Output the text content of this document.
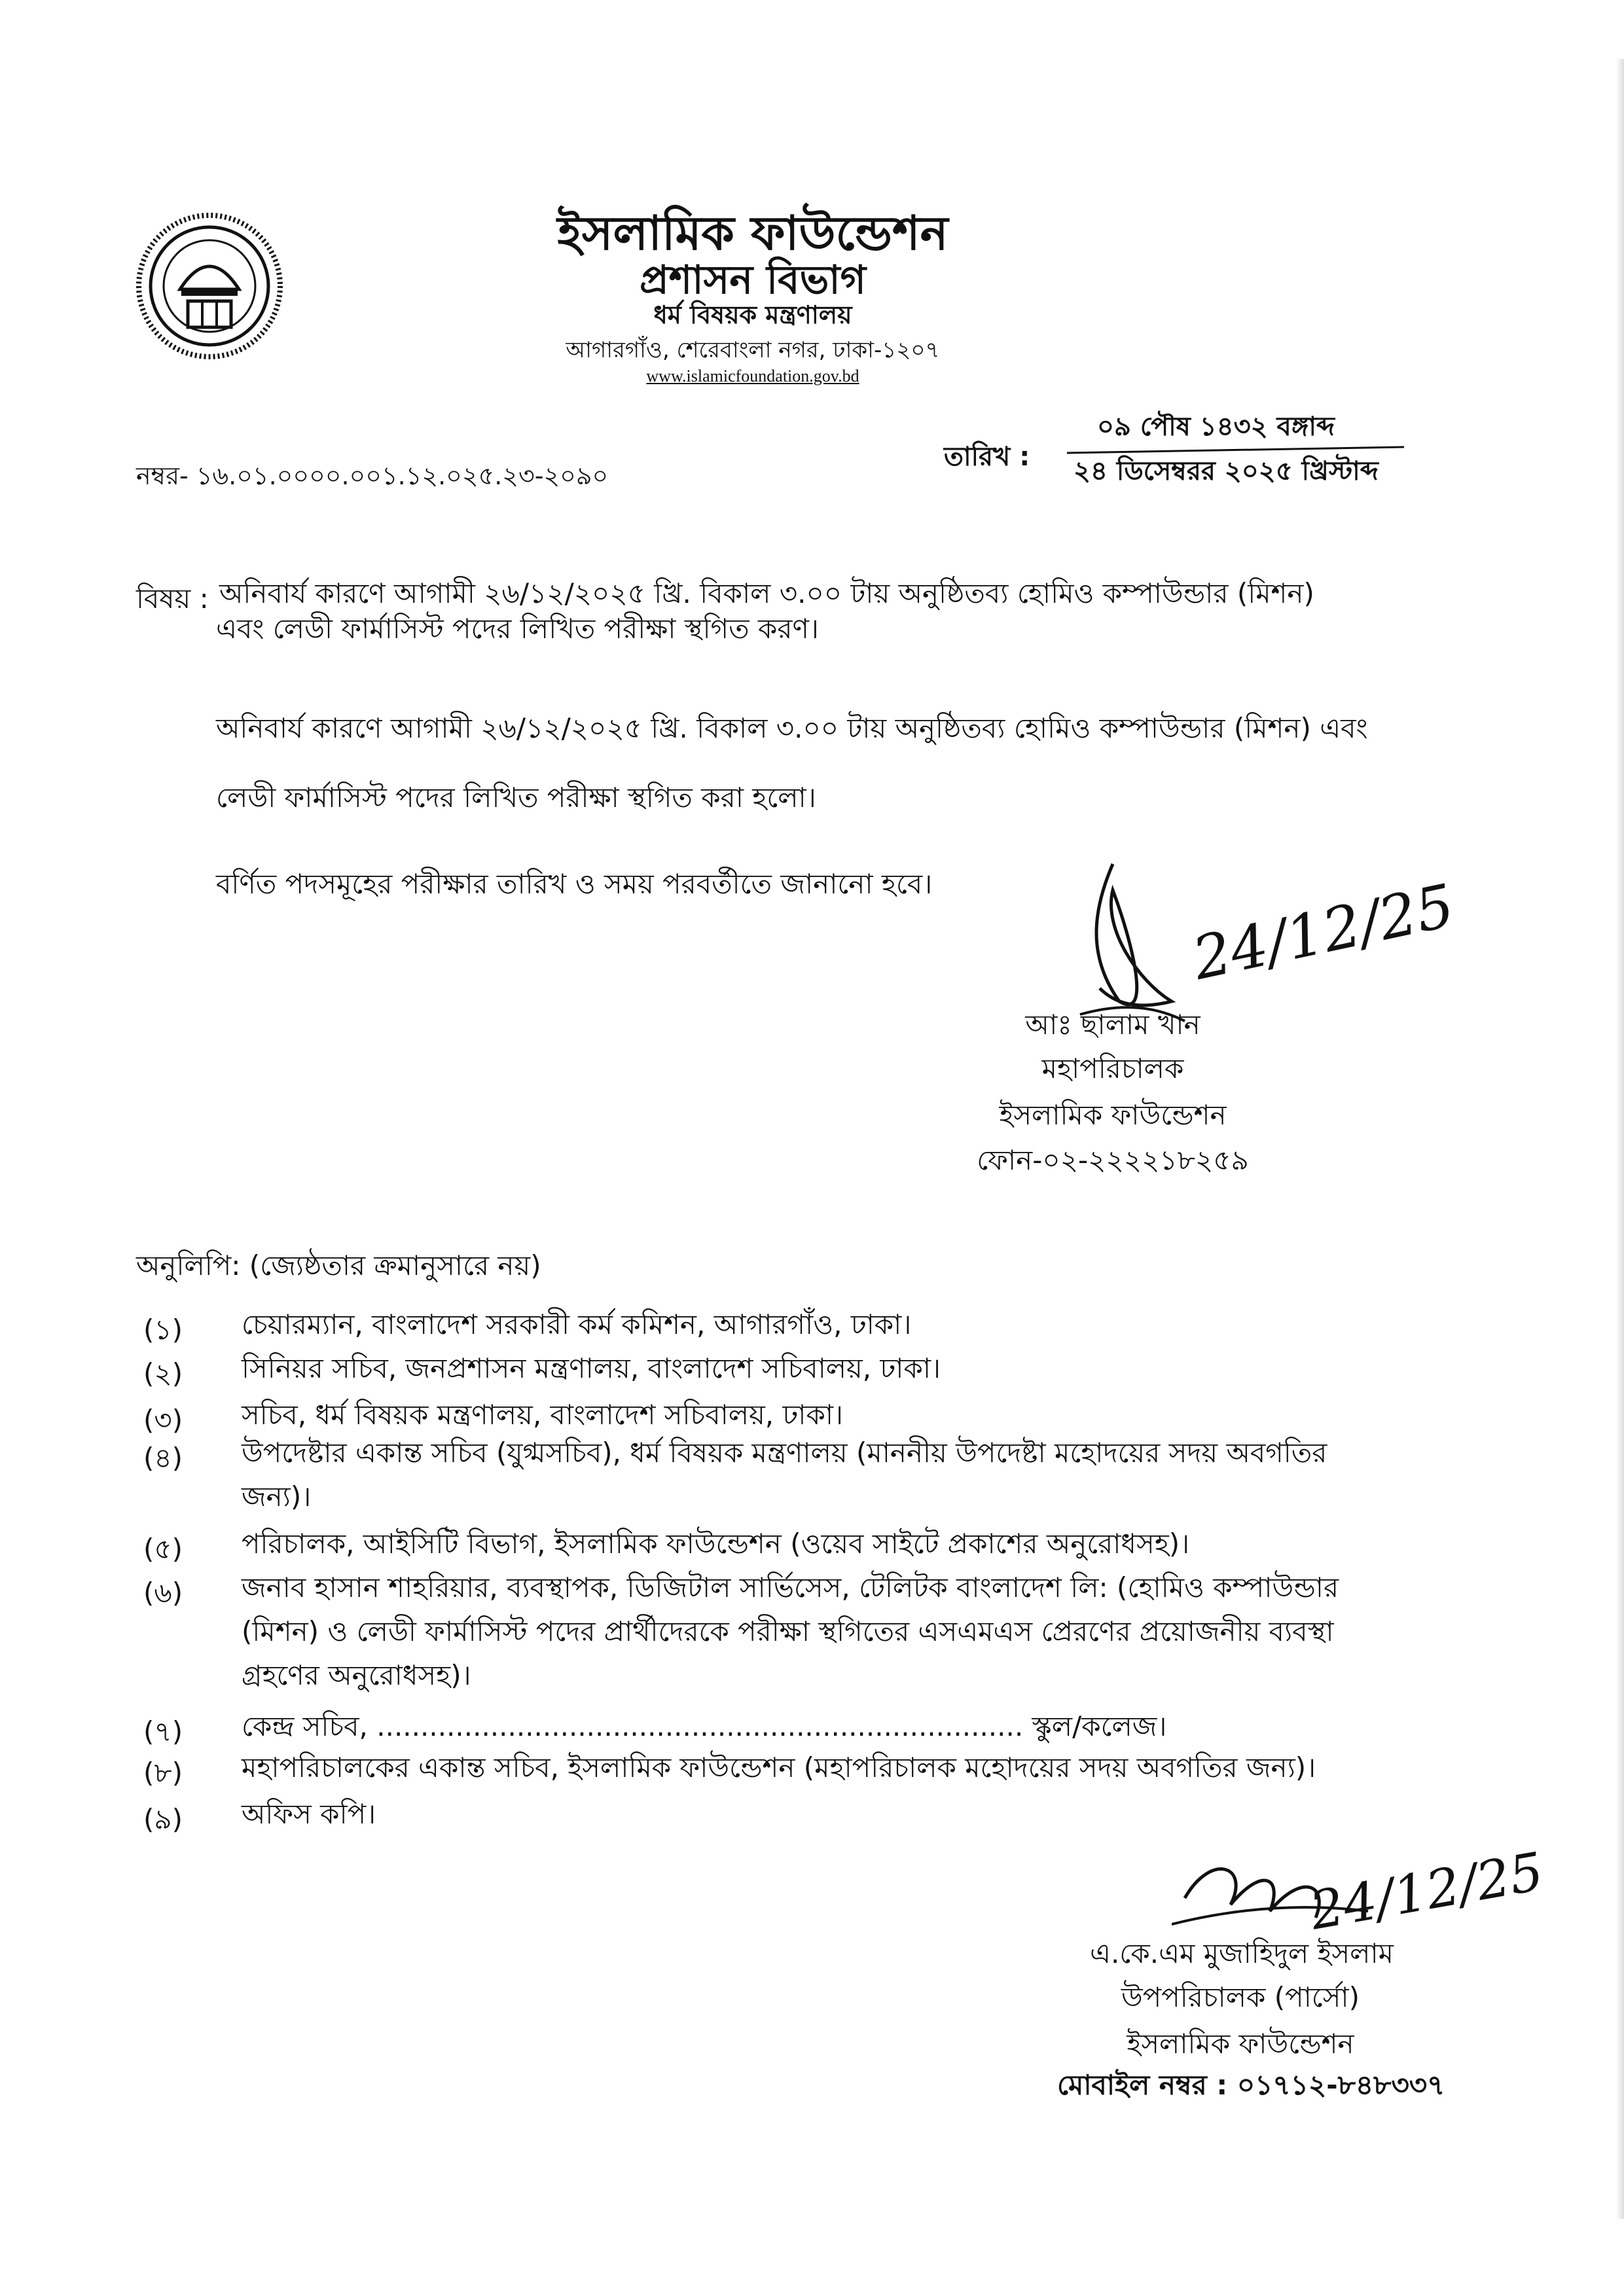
ইসলামিক ফাউন্ডেশন
প্রশাসন বিভাগ
ধর্ম বিষয়ক মন্ত্রণালয়
আগারগাঁও, শেরেবাংলা নগর, ঢাকা-১২০৭
www.islamicfoundation.gov.bd
০৯ পৌষ ১৪৩২ বঙ্গাব্দ
তারিখ : ২৪ ডিসেম্বরর ২০২৫ খ্রিস্টাব্দ
নম্বর- ১৬.০১.০০০০.০০১.১২.০২৫.২৩-২০৯০
বিষয় : অনিবার্য কারণে আগামী ২৬/১২/২০২৫ খ্রি. বিকাল ৩.০০ টায় অনুষ্ঠিতব্য হোমিও কম্পাউন্ডার (মিশন)
এবং লেডী ফার্মাসিস্ট পদের লিখিত পরীক্ষা স্থগিত করণ।
অনিবার্য কারণে আগামী ২৬/১২/২০২৫ খ্রি. বিকাল ৩.০০ টায় অনুষ্ঠিতব্য হোমিও কম্পাউন্ডার (মিশন) এবং
লেডী ফার্মাসিস্ট পদের লিখিত পরীক্ষা স্থগিত করা হলো।
বর্ণিত পদসমূহের পরীক্ষার তারিখ ও সময় পরবর্তীতে জানানো হবে।	24/12/25
আঃ ছালাম খান
মহাপরিচালক
ইসলামিক ফাউন্ডেশন
ফোন-০২-২২২২১৮২৫৯
অনুলিপি: (জ্যেষ্ঠতার ক্রমানুসারে নয়)
(১) চেয়ারম্যান, বাংলাদেশ সরকারী কর্ম কমিশন, আগারগাঁও, ঢাকা।
(২) সিনিয়র সচিব, জনপ্রশাসন মন্ত্রণালয়, বাংলাদেশ সচিবালয়, ঢাকা।
(৩) সচিব, ধর্ম বিষয়ক মন্ত্রণালয়, বাংলাদেশ সচিবালয়, ঢাকা।
(৪) উপদেষ্টার একান্ত সচিব (যুগ্মসচিব), ধর্ম বিষয়ক মন্ত্রণালয় (মাননীয় উপদেষ্টা মহোদয়ের সদয় অবগতির
জন্য)।
(৫) পরিচালক, আইসিটি বিভাগ, ইসলামিক ফাউন্ডেশন (ওয়েব সাইটে প্রকাশের অনুরোধসহ)।
(৬) জনাব হাসান শাহরিয়ার, ব্যবস্থাপক, ডিজিটাল সার্ভিসেস, টেলিটক বাংলাদেশ লি: (হোমিও কম্পাউন্ডার
(মিশন) ও লেডী ফার্মাসিস্ট পদের প্রার্থীদেরকে পরীক্ষা স্থগিতের এসএমএস প্রেরণের প্রয়োজনীয় ব্যবস্থা
গ্রহণের অনুরোধসহ)।
(৭) কেন্দ্র সচিব, .......................................................................... স্কুল/কলেজ।
(৮) মহাপরিচালকের একান্ত সচিব, ইসলামিক ফাউন্ডেশন (মহাপরিচালক মহোদয়ের সদয় অবগতির জন্য)।
(৯) অফিস কপি।
24/12/25
এ.কে.এম মুজাহিদুল ইসলাম
উপপরিচালক (পার্সো)
ইসলামিক ফাউন্ডেশন
মোবাইল নম্বর : ০১৭১২-৮৪৮৩৩৭
